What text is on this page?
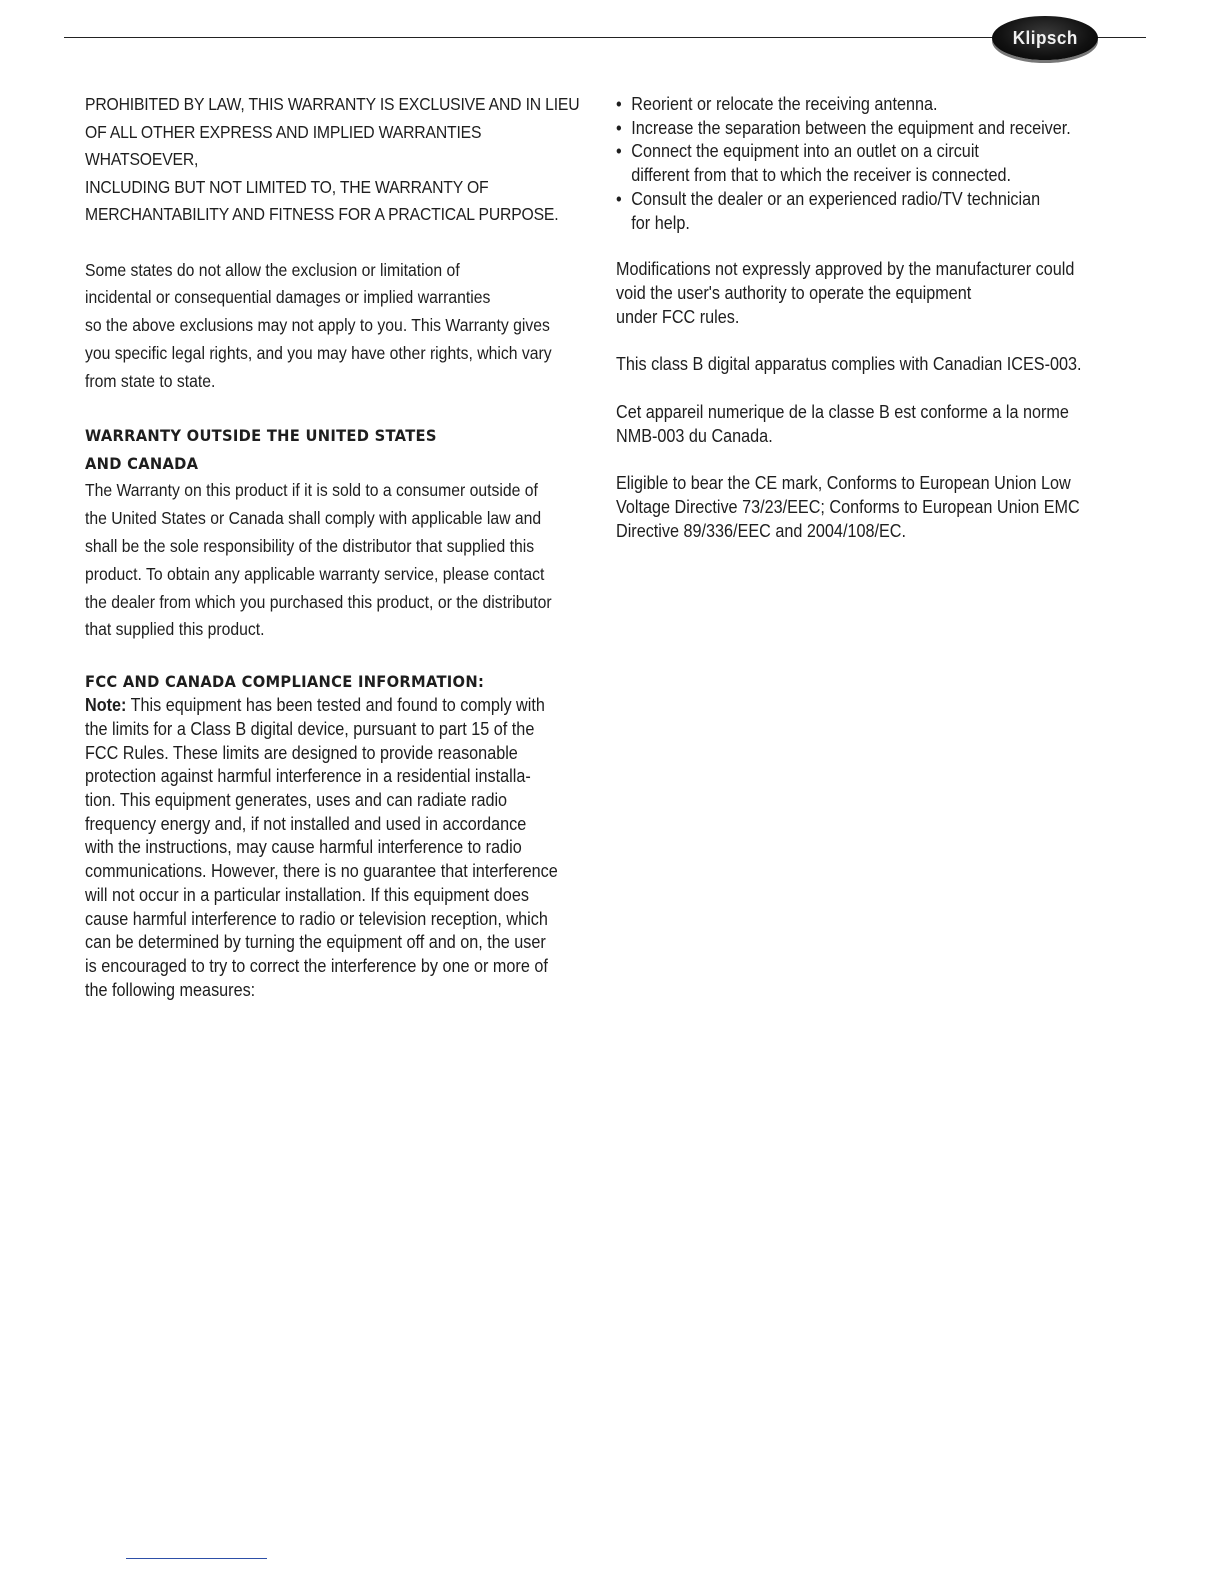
Klipsch
PROHIBITED BY LAW, THIS WARRANTY IS EXCLUSIVE AND IN LIEU
OF ALL OTHER EXPRESS AND IMPLIED WARRANTIES WHATSOEVER,
INCLUDING BUT NOT LIMITED TO, THE WARRANTY OF
MERCHANTABILITY AND FITNESS FOR A PRACTICAL PURPOSE.
Some states do not allow the exclusion or limitation of
incidental or consequential damages or implied warranties
so the above exclusions may not apply to you. This Warranty gives
you specific legal rights, and you may have other rights, which vary
from state to state.
WARRANTY OUTSIDE THE UNITED STATES
AND CANADA
The Warranty on this product if it is sold to a consumer outside of
the United States or Canada shall comply with applicable law and
shall be the sole responsibility of the distributor that supplied this
product. To obtain any applicable warranty service, please contact
the dealer from which you purchased this product, or the distributor
that supplied this product.
FCC AND CANADA COMPLIANCE INFORMATION:
Note: This equipment has been tested and found to comply with
the limits for a Class B digital device, pursuant to part 15 of the
FCC Rules. These limits are designed to provide reasonable
protection against harmful interference in a residential installa-
tion. This equipment generates, uses and can radiate radio
frequency energy and, if not installed and used in accordance
with the instructions, may cause harmful interference to radio
communications. However, there is no guarantee that interference
will not occur in a particular installation. If this equipment does
cause harmful interference to radio or television reception, which
can be determined by turning the equipment off and on, the user
is encouraged to try to correct the interference by one or more of
the following measures:
• Reorient or relocate the receiving antenna.
• Increase the separation between the equipment and receiver.
• Connect the equipment into an outlet on a circuit
different from that to which the receiver is connected.
• Consult the dealer or an experienced radio/TV technician
for help.
Modifications not expressly approved by the manufacturer could
void the user's authority to operate the equipment
under FCC rules.
This class B digital apparatus complies with Canadian ICES-003.
Cet appareil numerique de la classe B est conforme a la norme
NMB-003 du Canada.
Eligible to bear the CE mark, Conforms to European Union Low
Voltage Directive 73/23/EEC; Conforms to European Union EMC
Directive 89/336/EEC and 2004/108/EC.
